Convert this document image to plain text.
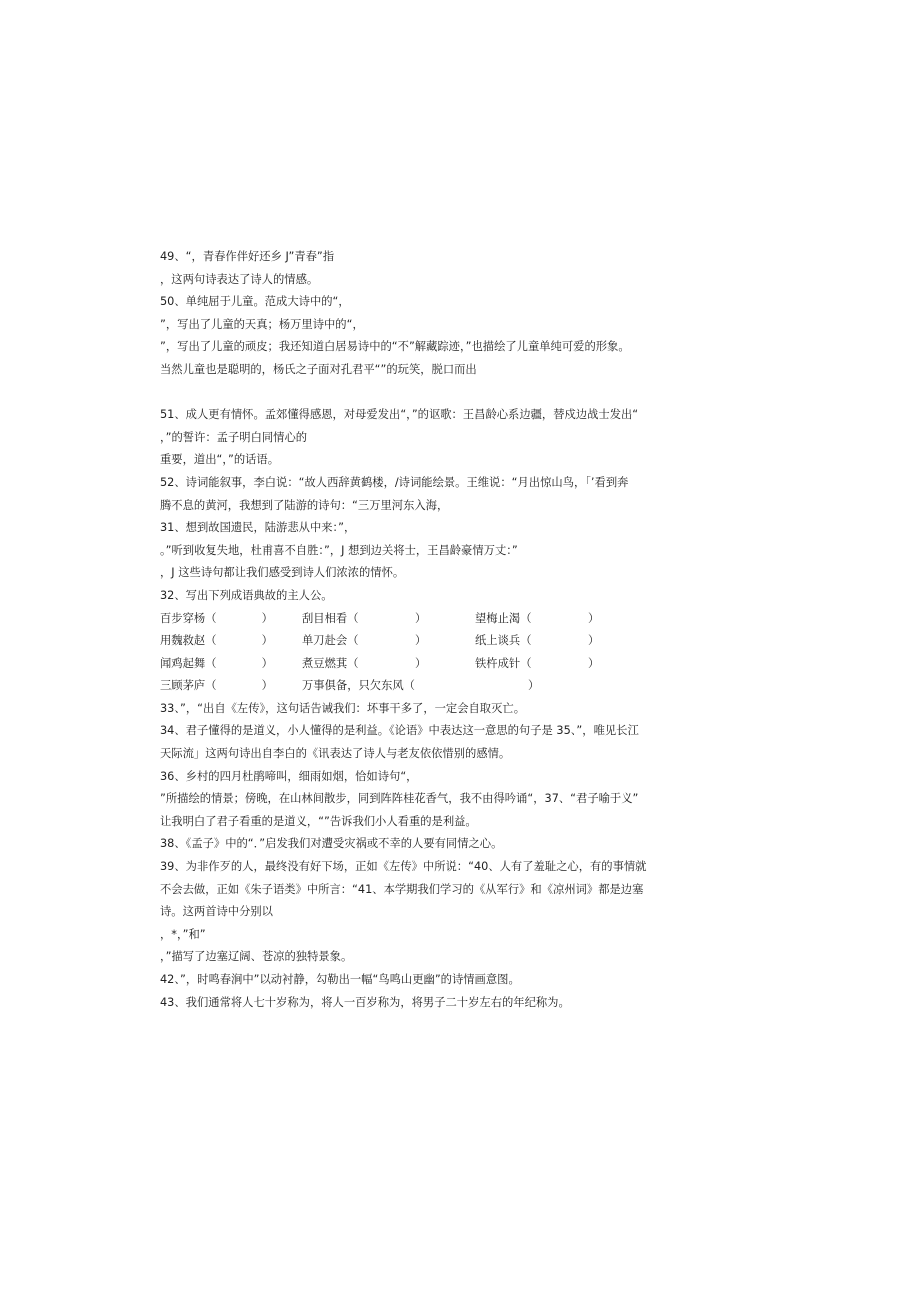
49、“，青春作伴好还乡 J”青春”指
，这两句诗表达了诗人的情感。
50、单纯屈于儿童。范成大诗中的“，
”，写出了儿童的天真；杨万里诗中的“，
”，写出了儿童的顽皮；我还知道白居易诗中的“不”解藏踪迹，”也描绘了儿童单纯可爱的形象。
当然儿童也是聪明的，杨氏之子面对孔君平“”的玩笑，脱口而出
51、成人更有情怀。孟郊懂得感恩，对母爱发出“，”的讴歌：王昌龄心系边疆，替戍边战士发出“
，”的誓许：孟子明白同情心的
重要，道出“，”的话语。
52、诗词能叙事，李白说：“故人西辞黄鹤楼，/诗词能绘景。王维说：“月出惊山鸟，「’看到奔
腾不息的黄河，我想到了陆游的诗句：“三万里河东入海，
31、想到故国遗民，陆游悲从中来：”，
。”听到收复失地，杜甫喜不自胜：”，J 想到边关将士，王昌龄豪情万丈：”
，J 这些诗句都让我们感受到诗人们浓浓的情怀。
32、写出下列成语典故的主人公。
百步穿杨（　　　　）	刮目相看（　　　　　）	望梅止渴（　　　　　）
用魏救赵（　　　　）	单刀赴会（　　　　　）	纸上谈兵（　　　　　）
闻鸡起舞（　　　　）	煮豆燃萁（　　　　　）	铁杵成针（　　　　　）
三顾茅庐（　　　　）	万事俱备，只欠东风（　　　　　　　　　　）
33、”，“出自《左传》，这句话告诫我们：坏事干多了，一定会自取灭亡。
34、君子懂得的是道义，小人懂得的是利益。《论语》中表达这一意思的句子是 35、”，唯见长江
天际流」这两句诗出自李白的《讯表达了诗人与老友依依惜别的感情。
36、乡村的四月杜鹃啼叫，细雨如烟，恰如诗句“，
”所描绘的情景；傍晚，在山林间散步，同到阵阵桂花香气，我不由得吟诵“，37、“君子喻于义”
让我明白了君子看重的是道义，“”告诉我们小人看重的是利益。
38、《孟子》中的“．”启发我们对遭受灾祸或不幸的人要有同情之心。
39、为非作歹的人，最终没有好下场，正如《左传》中所说：“40、人有了羞耻之心，有的事情就
不会去做，正如《朱子语类》中所言：“41、本学期我们学习的《从军行》和《凉州词》都是边塞
诗。这两首诗中分别以
，*，”和”
，”描写了边塞辽阔、苍凉的独特景象。
42、”，时鸣春涧中”以动衬静，勾勒出一幅“鸟鸣山更幽”的诗情画意图。
43、我们通常将人七十岁称为，将人一百岁称为，将男子二十岁左右的年纪称为。
